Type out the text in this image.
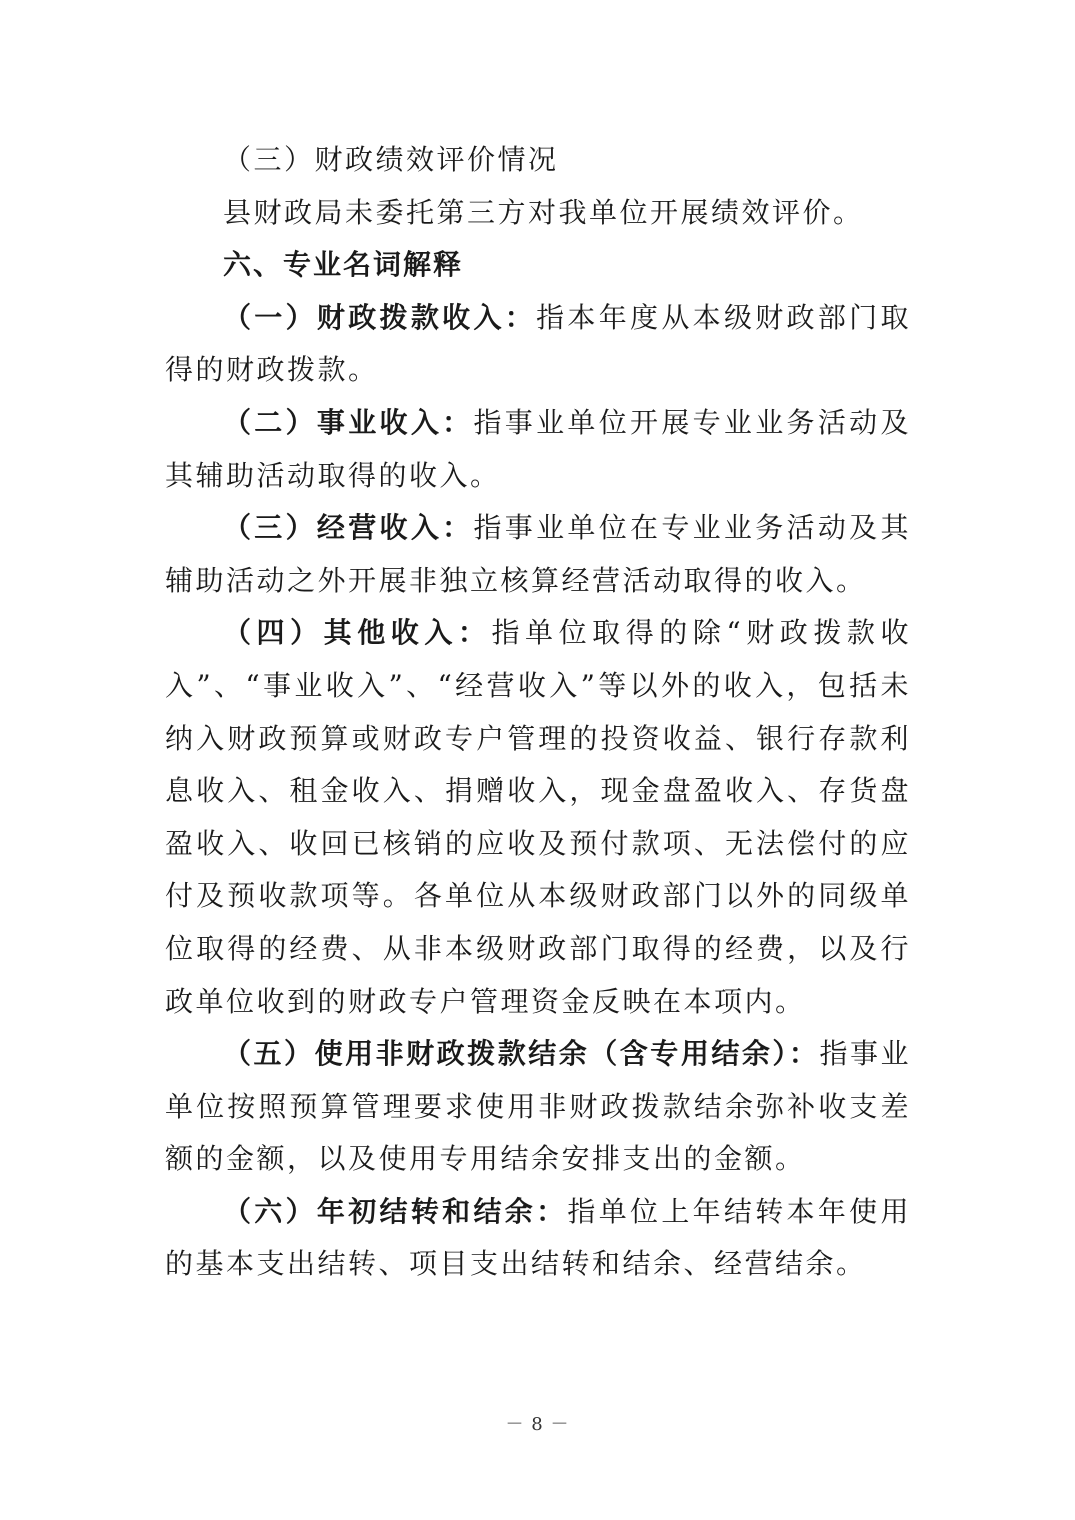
（三）财政绩效评价情况

县财政局未委托第三方对我单位开展绩效评价。

六、专业名词解释

（一）财政拨款收入：指本年度从本级财政部门取得的财政拨款。

（二）事业收入：指事业单位开展专业业务活动及其辅助活动取得的收入。

（三）经营收入：指事业单位在专业业务活动及其辅助活动之外开展非独立核算经营活动取得的收入。

（四）其他收入：指单位取得的除“财政拨款收入”、“事业收入”、“经营收入”等以外的收入，包括未纳入财政预算或财政专户管理的投资收益、银行存款利息收入、租金收入、捐赠收入，现金盘盈收入、存货盘盈收入、收回已核销的应收及预付款项、无法偿付的应付及预收款项等。各单位从本级财政部门以外的同级单位取得的经费、从非本级财政部门取得的经费，以及行政单位收到的财政专户管理资金反映在本项内。

（五）使用非财政拨款结余（含专用结余）：指事业单位按照预算管理要求使用非财政拨款结余弥补收支差额的金额，以及使用专用结余安排支出的金额。

（六）年初结转和结余：指单位上年结转本年使用的基本支出结转、项目支出结转和结余、经营结余。

－ 8 －
